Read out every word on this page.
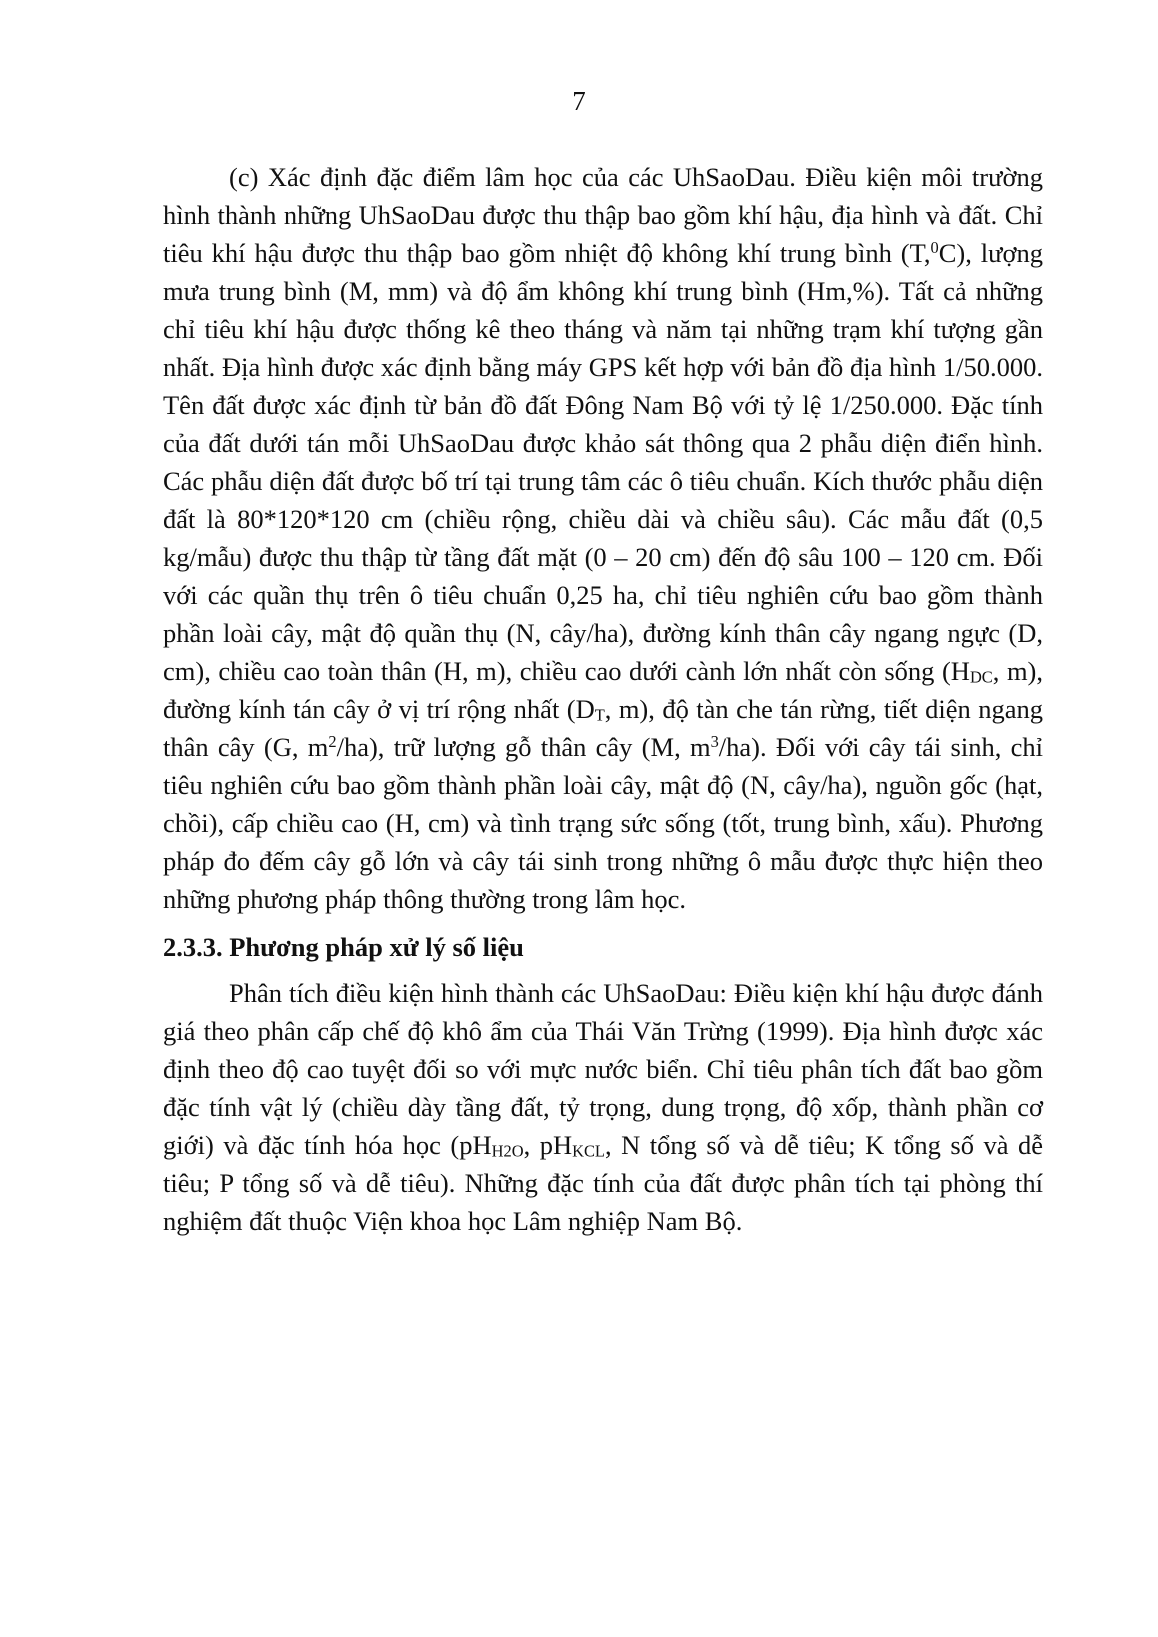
7

(c) Xác định đặc điểm lâm học của các UhSaoDau. Điều kiện môi trường hình thành những UhSaoDau được thu thập bao gồm khí hậu, địa hình và đất. Chỉ tiêu khí hậu được thu thập bao gồm nhiệt độ không khí trung bình (T,$^0$C), lượng mưa trung bình (M, mm) và độ ẩm không khí trung bình (Hm,%). Tất cả những chỉ tiêu khí hậu được thống kê theo tháng và năm tại những trạm khí tượng gần nhất. Địa hình được xác định bằng máy GPS kết hợp với bản đồ địa hình 1/50.000. Tên đất được xác định từ bản đồ đất Đông Nam Bộ với tỷ lệ 1/250.000. Đặc tính của đất dưới tán mỗi UhSaoDau được khảo sát thông qua 2 phẫu diện điển hình. Các phẫu diện đất được bố trí tại trung tâm các ô tiêu chuẩn. Kích thước phẫu diện đất là 80*120*120 cm (chiều rộng, chiều dài và chiều sâu). Các mẫu đất (0,5 kg/mẫu) được thu thập từ tầng đất mặt (0 – 20 cm) đến độ sâu 100 – 120 cm. Đối với các quần thụ trên ô tiêu chuẩn 0,25 ha, chỉ tiêu nghiên cứu bao gồm thành phần loài cây, mật độ quần thụ (N, cây/ha), đường kính thân cây ngang ngực (D, cm), chiều cao toàn thân (H, m), chiều cao dưới cành lớn nhất còn sống ($H_{DC}$, m), đường kính tán cây ở vị trí rộng nhất ($D_T$, m), độ tàn che tán rừng, tiết diện ngang thân cây (G, $m^2/ha$), trữ lượng gỗ thân cây (M, $m^3/ha$). Đối với cây tái sinh, chỉ tiêu nghiên cứu bao gồm thành phần loài cây, mật độ (N, cây/ha), nguồn gốc (hạt, chồi), cấp chiều cao (H, cm) và tình trạng sức sống (tốt, trung bình, xấu). Phương pháp đo đếm cây gỗ lớn và cây tái sinh trong những ô mẫu được thực hiện theo những phương pháp thông thường trong lâm học.

2.3.3. Phương pháp xử lý số liệu

Phân tích điều kiện hình thành các UhSaoDau: Điều kiện khí hậu được đánh giá theo phân cấp chế độ khô ẩm của Thái Văn Trừng (1999). Địa hình được xác định theo độ cao tuyệt đối so với mực nước biển. Chỉ tiêu phân tích đất bao gồm đặc tính vật lý (chiều dày tầng đất, tỷ trọng, dung trọng, độ xốp, thành phần cơ giới) và đặc tính hóa học ($pH_{H2O}$, $pH_{KCL}$, N tổng số và dễ tiêu; K tổng số và dễ tiêu; P tổng số và dễ tiêu). Những đặc tính của đất được phân tích tại phòng thí nghiệm đất thuộc Viện khoa học Lâm nghiệp Nam Bộ.
